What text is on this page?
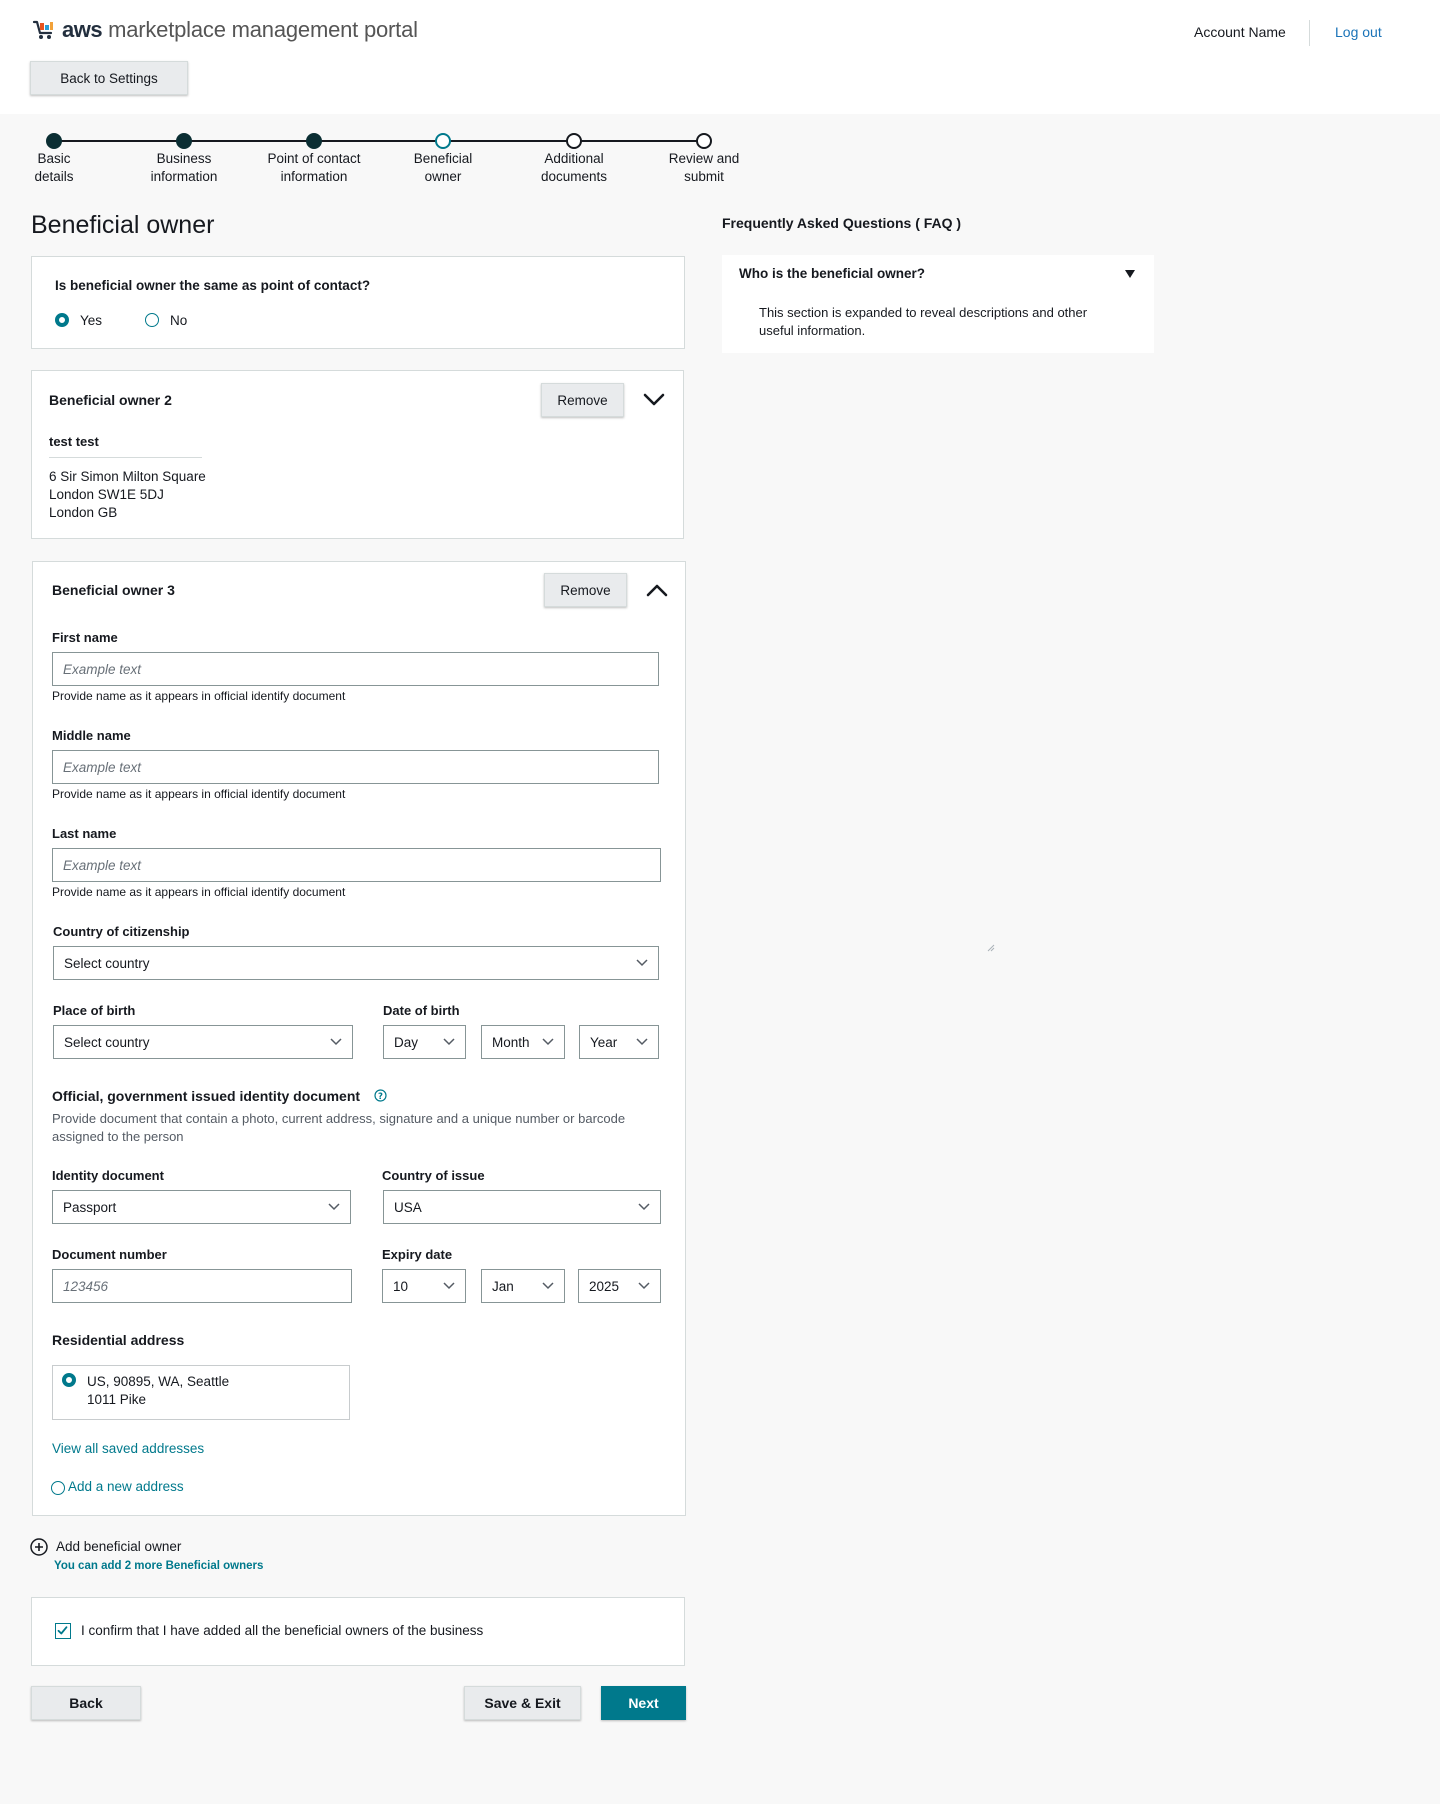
aws marketplace management portal	Account Name	Log out
Back to Settings
Basic
details
Business
information
Point of contact
information
Beneficial
owner
Additional
documents
Review and
submit
Beneficial owner
Is beneficial owner the same as point of contact?
Yes	No
Beneficial owner 2	Remove
test test
6 Sir Simon Milton Square
London SW1E 5DJ
London GB
Beneficial owner 3	Remove
First name
Example text
Provide name as it appears in official identify document
Middle name
Example text
Provide name as it appears in official identify document
Last name
Example text
Provide name as it appears in official identify document
Country of citizenship
Select country
Place of birth
Select country
Date of birth
Day	Month	Year
Official, government issued identity document ?
Provide document that contain a photo, current address, signature and a unique number or barcode
assigned to the person
Identity document
Passport
Country of issue
USA
Document number
123456
Expiry date
10	Jan	2025
Residential address
US, 90895, WA, Seattle
1011 Pike
View all saved addresses
Add a new address
Add beneficial owner
You can add 2 more Beneficial owners
I confirm that I have added all the beneficial owners of the business
Back	Save & Exit	Next
Frequently Asked Questions ( FAQ )
Who is the beneficial owner?
This section is expanded to reveal descriptions and other
useful information.
